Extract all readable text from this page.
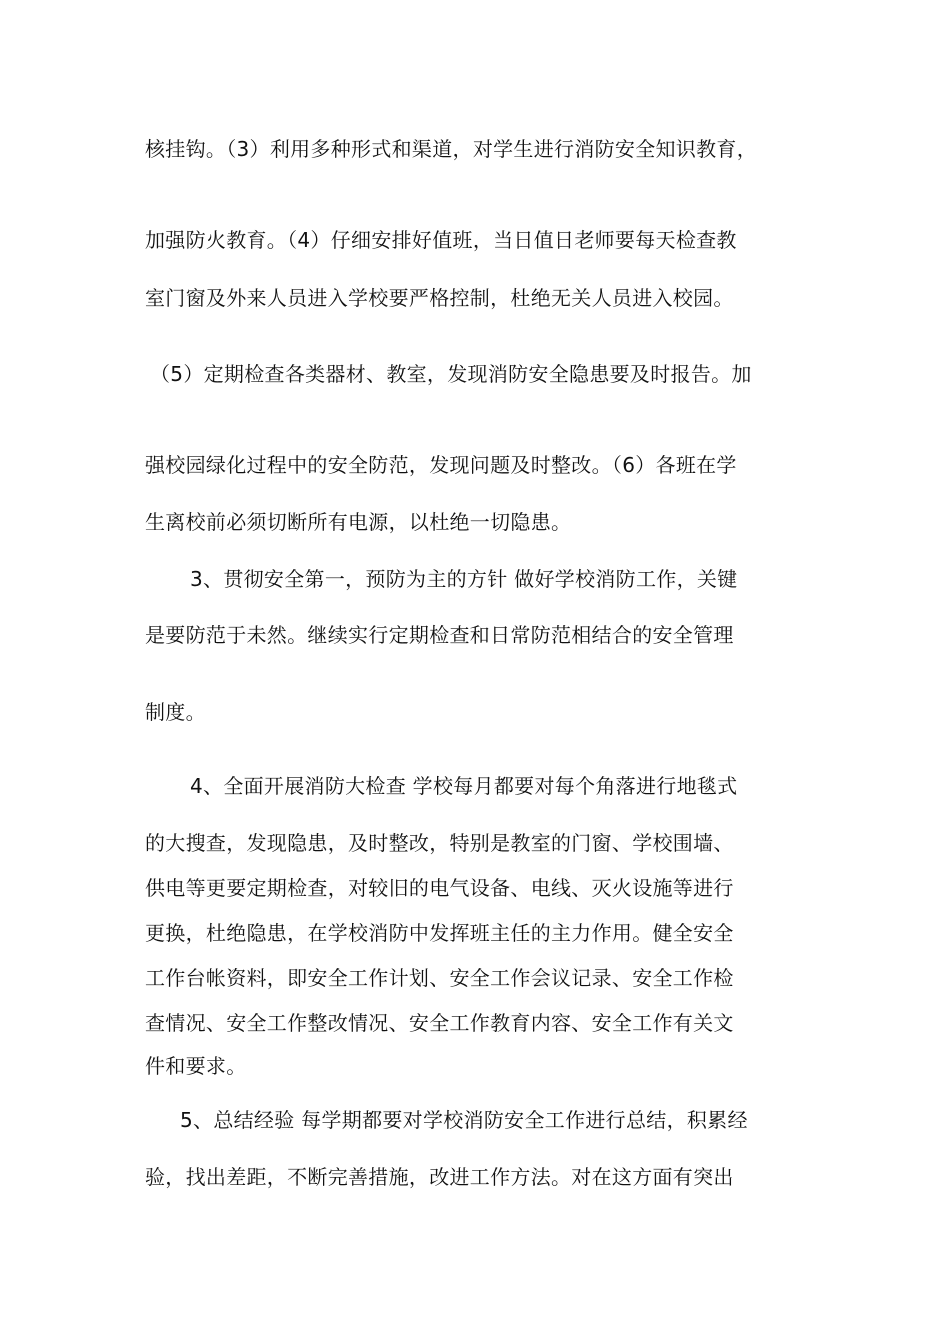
核挂钩。（3）利用多种形式和渠道，对学生进行消防安全知识教育，
加强防火教育。（4）仔细安排好值班，当日值日老师要每天检查教
室门窗及外来人员进入学校要严格控制，杜绝无关人员进入校园。
（5）定期检查各类器材、教室，发现消防安全隐患要及时报告。加
强校园绿化过程中的安全防范，发现问题及时整改。（6）各班在学
生离校前必须切断所有电源，以杜绝一切隐患。
3、贯彻安全第一，预防为主的方针 做好学校消防工作，关键
是要防范于未然。继续实行定期检查和日常防范相结合的安全管理
制度。
4、全面开展消防大检查 学校每月都要对每个角落进行地毯式
的大搜查，发现隐患，及时整改，特别是教室的门窗、学校围墙、
供电等更要定期检查，对较旧的电气设备、电线、灭火设施等进行
更换，杜绝隐患，在学校消防中发挥班主任的主力作用。健全安全
工作台帐资料，即安全工作计划、安全工作会议记录、安全工作检
查情况、安全工作整改情况、安全工作教育内容、安全工作有关文
件和要求。
5、总结经验 每学期都要对学校消防安全工作进行总结，积累经
验，找出差距，不断完善措施，改进工作方法。对在这方面有突出
